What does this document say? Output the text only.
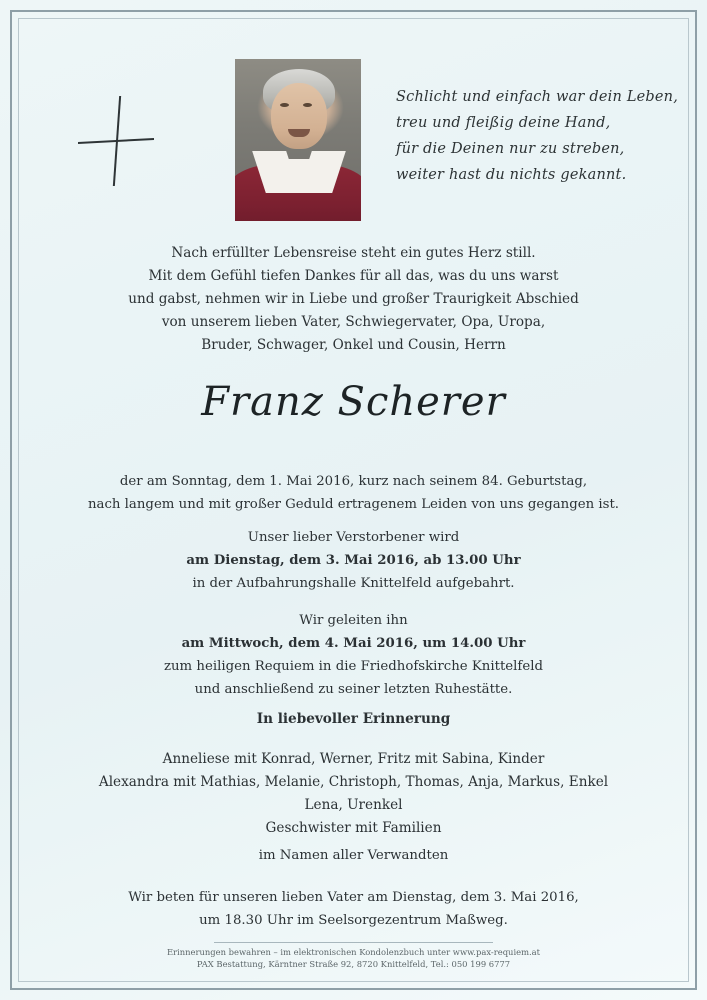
Schlicht und einfach war dein Leben,
treu und fleißig deine Hand,
für die Deinen nur zu streben,
weiter hast du nichts gekannt.
Nach erfüllter Lebensreise steht ein gutes Herz still.
Mit dem Gefühl tiefen Dankes für all das, was du uns warst
und gabst, nehmen wir in Liebe und großer Traurigkeit Abschied
von unserem lieben Vater, Schwiegervater, Opa, Uropa,
Bruder, Schwager, Onkel und Cousin, Herrn
Franz Scherer
der am Sonntag, dem 1. Mai 2016, kurz nach seinem 84. Geburtstag,
nach langem und mit großer Geduld ertragenem Leiden von uns gegangen ist.
Unser lieber Verstorbener wird
am Dienstag, dem 3. Mai 2016, ab 13.00 Uhr
in der Aufbahrungshalle Knittelfeld aufgebahrt.
Wir geleiten ihn
am Mittwoch, dem 4. Mai 2016, um 14.00 Uhr
zum heiligen Requiem in die Friedhofskirche Knittelfeld
und anschließend zu seiner letzten Ruhestätte.
In liebevoller Erinnerung
Anneliese mit Konrad, Werner, Fritz mit Sabina, Kinder
Alexandra mit Mathias, Melanie, Christoph, Thomas, Anja, Markus, Enkel
Lena, Urenkel
Geschwister mit Familien
im Namen aller Verwandten
Wir beten für unseren lieben Vater am Dienstag, dem 3. Mai 2016,
um 18.30 Uhr im Seelsorgezentrum Maßweg.
Erinnerungen bewahren – im elektronischen Kondolenzbuch unter www.pax-requiem.at
PAX Bestattung, Kärntner Straße 92, 8720 Knittelfeld, Tel.: 050 199 6777
